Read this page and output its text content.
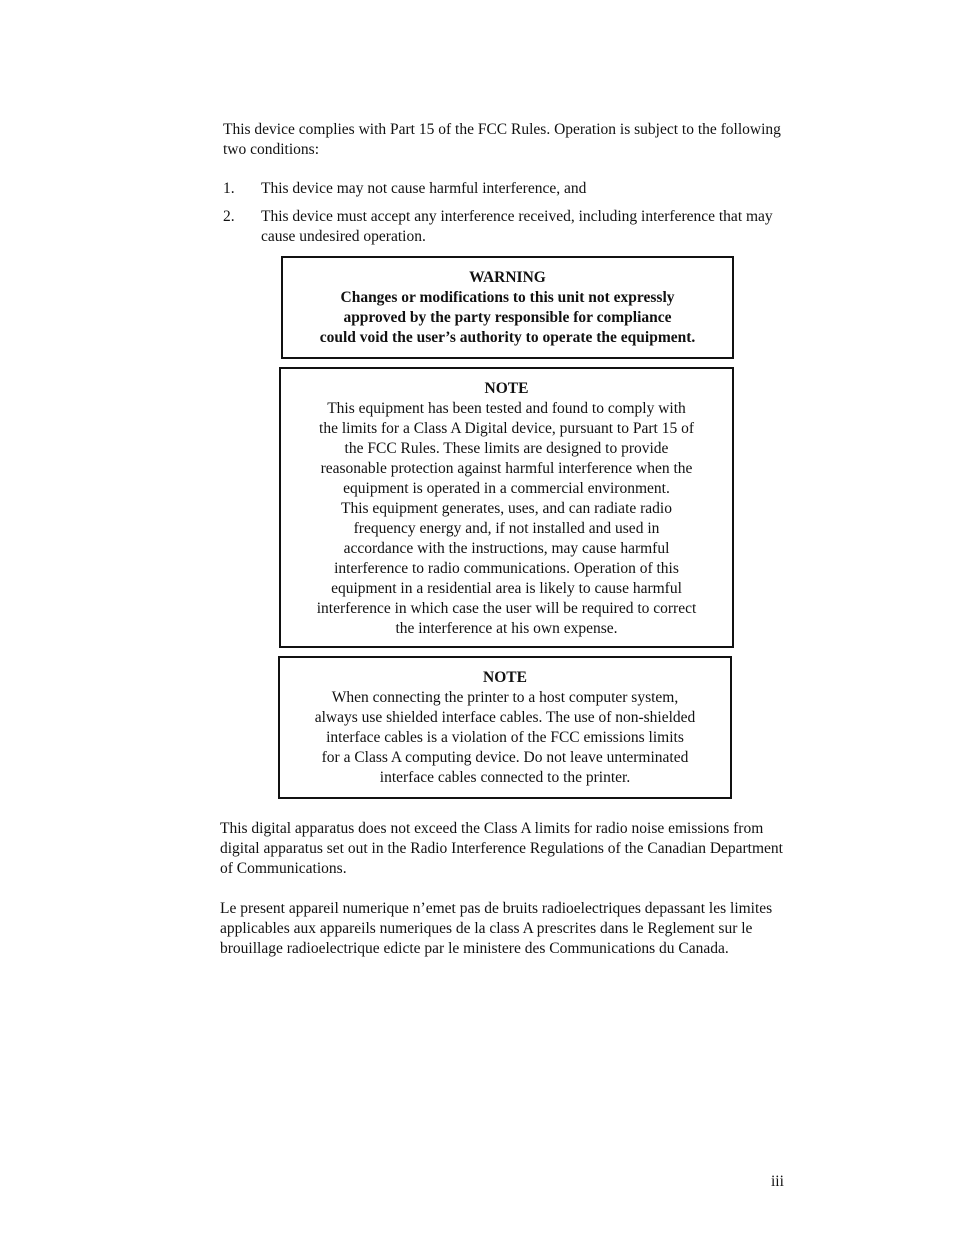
This device complies with Part 15 of the FCC Rules. Operation is subject to the following two conditions:

1. This device may not cause harmful interference, and
2. This device must accept any interference received, including interference that may cause undesired operation.
WARNING
Changes or modifications to this unit not expressly
approved by the party responsible for compliance
could void the user’s authority to operate the equipment.
NOTE
This equipment has been tested and found to comply with
the limits for a Class A Digital device, pursuant to Part 15 of
the FCC Rules. These limits are designed to provide
reasonable protection against harmful interference when the
equipment is operated in a commercial environment.
This equipment generates, uses, and can radiate radio
frequency energy and, if not installed and used in
accordance with the instructions, may cause harmful
interference to radio communications. Operation of this
equipment in a residential area is likely to cause harmful
interference in which case the user will be required to correct
the interference at his own expense.
NOTE
When connecting the printer to a host computer system,
always use shielded interface cables. The use of non-shielded
interface cables is a violation of the FCC emissions limits
for a Class A computing device. Do not leave unterminated
interface cables connected to the printer.

This digital apparatus does not exceed the Class A limits for radio noise emissions from digital apparatus set out in the Radio Interference Regulations of the Canadian Department of Communications.

Le present appareil numerique n’emet pas de bruits radioelectriques depassant les limites applicables aux appareils numeriques de la class A prescrites dans le Reglement sur le brouillage radioelectrique edicte par le ministere des Communications du Canada.

iii
